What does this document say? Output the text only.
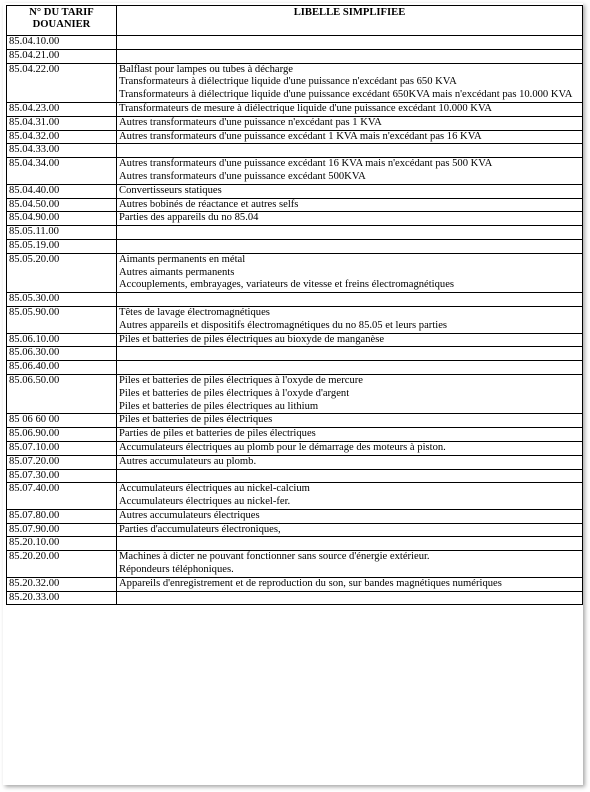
N° DU TARIF DOUANIER	LIBELLE SIMPLIFIEE
85.04.10.00	
85.04.21.00	
85.04.22.00	Balflast pour lampes ou tubes à décharge
Transformateurs à diélectrique liquide d'une puissance n'excédant pas 650 KVA
Transformateurs à diélectrique liquide d'une puissance excédant 650KVA mais n'excédant pas 10.000 KVA

85.04.23.00	Transformateurs de mesure à diélectrique liquide d'une puissance excédant 10.000 KVA

85.04.31.00	Autres transformateurs d'une puissance n'excédant pas 1 KVA

85.04.32.00	Autres transformateurs d'une puissance excédant 1 KVA mais n'excédant pas 16 KVA

85.04.33.00	
85.04.34.00	Autres transformateurs d'une puissance excédant 16 KVA mais n'excédant pas 500 KVA
Autres transformateurs d'une puissance excédant 500KVA

85.04.40.00	Convertisseurs statiques

85.04.50.00	Autres bobinés de réactance et autres selfs

85.04.90.00	Parties des appareils du no 85.04

85.05.11.00	
85.05.19.00	
85.05.20.00	Aimants permanents en métal
Autres aimants permanents
Accouplements, embrayages, variateurs de vitesse et freins électromagnétiques

85.05.30.00	
85.05.90.00	Têtes de lavage électromagnétiques
Autres appareils et dispositifs électromagnétiques du no 85.05 et leurs parties

85.06.10.00	Piles et batteries de piles électriques au bioxyde de manganèse

85.06.30.00	
85.06.40.00	
85.06.50.00	Piles et batteries de piles électriques à l'oxyde de mercure
Piles et batteries de piles électriques à l'oxyde d'argent
Piles et batteries de piles électriques au lithium

85 06 60 00	Piles et batteries de piles électriques

85.06.90.00	Parties de piles et batteries de piles électriques

85.07.10.00	Accumulateurs électriques au plomb pour le démarrage des moteurs à piston.

85.07.20.00	Autres accumulateurs au plomb.

85.07.30.00	
85.07.40.00	Accumulateurs électriques au nickel-calcium
Accumulateurs électriques au nickel-fer.

85.07.80.00	Autres accumulateurs électriques

85.07.90.00	Parties d'accumulateurs électroniques,

85.20.10.00	
85.20.20.00	Machines à dicter ne pouvant fonctionner sans source d'énergie extérieur.
Répondeurs téléphoniques.

85.20.32.00	Appareils d'enregistrement et de reproduction du son, sur bandes magnétiques numériques

85.20.33.00	
